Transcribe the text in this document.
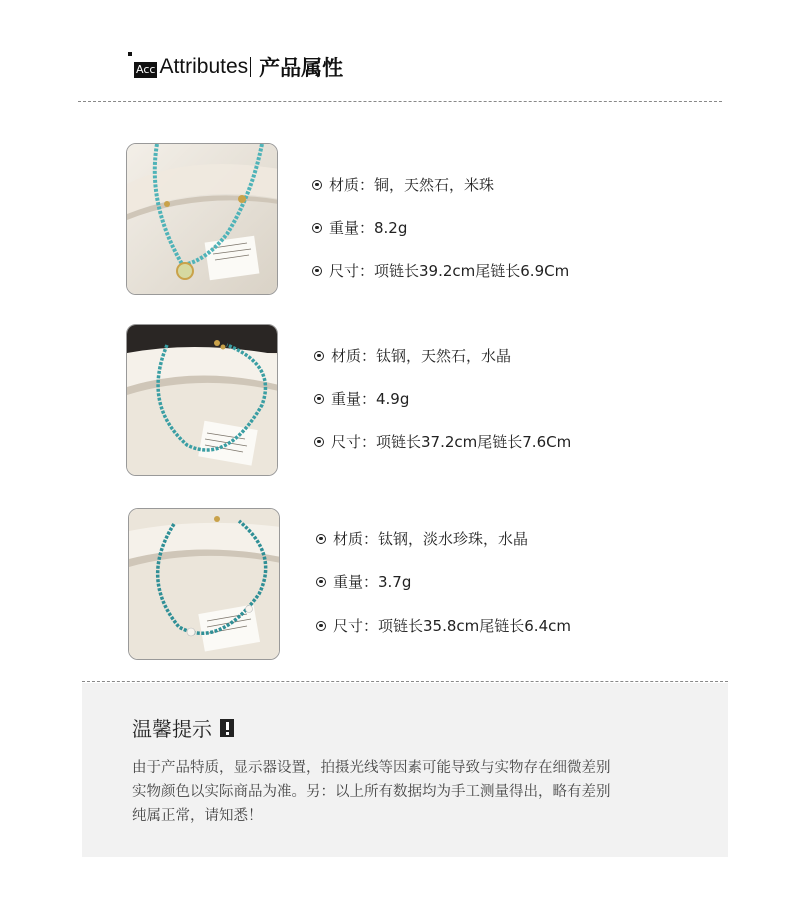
Acc Attributes 产品属性
材质：铜，天然石，米珠
重量：8.2g
尺寸：项链长39.2cm尾链长6.9Cm
材质：钛钢，天然石，水晶
重量：4.9g
尺寸：项链长37.2cm尾链长7.6Cm
材质：钛钢，淡水珍珠，水晶
重量：3.7g
尺寸：项链长35.8cm尾链长6.4cm
温馨提示
由于产品特质，显示器设置，拍摄光线等因素可能导致与实物存在细微差别
实物颜色以实际商品为准。另：以上所有数据均为手工测量得出，略有差别
纯属正常，请知悉！
